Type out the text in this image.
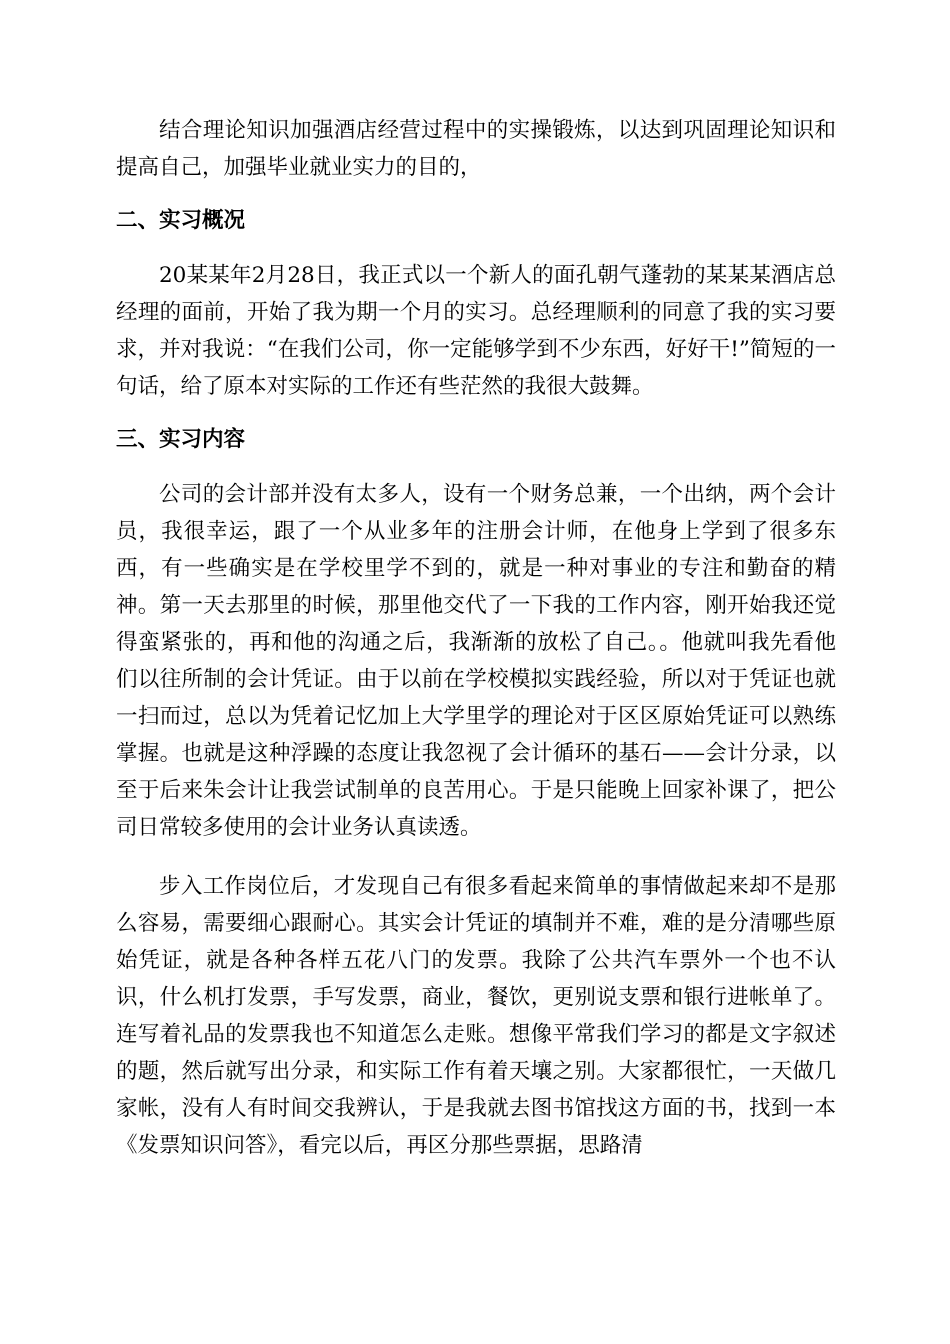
结合理论知识加强酒店经营过程中的实操锻炼，以达到巩固理论知识和提高自己，加强毕业就业实力的目的，

二、实习概况

20某某年2月28日，我正式以一个新人的面孔朝气蓬勃的某某某酒店总经理的面前，开始了我为期一个月的实习。总经理顺利的同意了我的实习要求，并对我说：“在我们公司，你一定能够学到不少东西，好好干!”简短的一句话，给了原本对实际的工作还有些茫然的我很大鼓舞。

三、实习内容

公司的会计部并没有太多人，设有一个财务总兼，一个出纳，两个会计员，我很幸运，跟了一个从业多年的注册会计师，在他身上学到了很多东西，有一些确实是在学校里学不到的，就是一种对事业的专注和勤奋的精神。第一天去那里的时候，那里他交代了一下我的工作内容，刚开始我还觉得蛮紧张的，再和他的沟通之后，我渐渐的放松了自己。。他就叫我先看他们以往所制的会计凭证。由于以前在学校模拟实践经验，所以对于凭证也就一扫而过，总以为凭着记忆加上大学里学的理论对于区区原始凭证可以熟练掌握。也就是这种浮躁的态度让我忽视了会计循环的基石——会计分录，以至于后来朱会计让我尝试制单的良苦用心。于是只能晚上回家补课了，把公司日常较多使用的会计业务认真读透。

步入工作岗位后，才发现自己有很多看起来简单的事情做起来却不是那么容易，需要细心跟耐心。其实会计凭证的填制并不难，难的是分清哪些原始凭证，就是各种各样五花八门的发票。我除了公共汽车票外一个也不认识，什么机打发票，手写发票，商业，餐饮，更别说支票和银行进帐单了。连写着礼品的发票我也不知道怎么走账。想像平常我们学习的都是文字叙述的题，然后就写出分录，和实际工作有着天壤之别。大家都很忙，一天做几家帐，没有人有时间交我辨认，于是我就去图书馆找这方面的书，找到一本《发票知识问答》，看完以后，再区分那些票据，思路清
